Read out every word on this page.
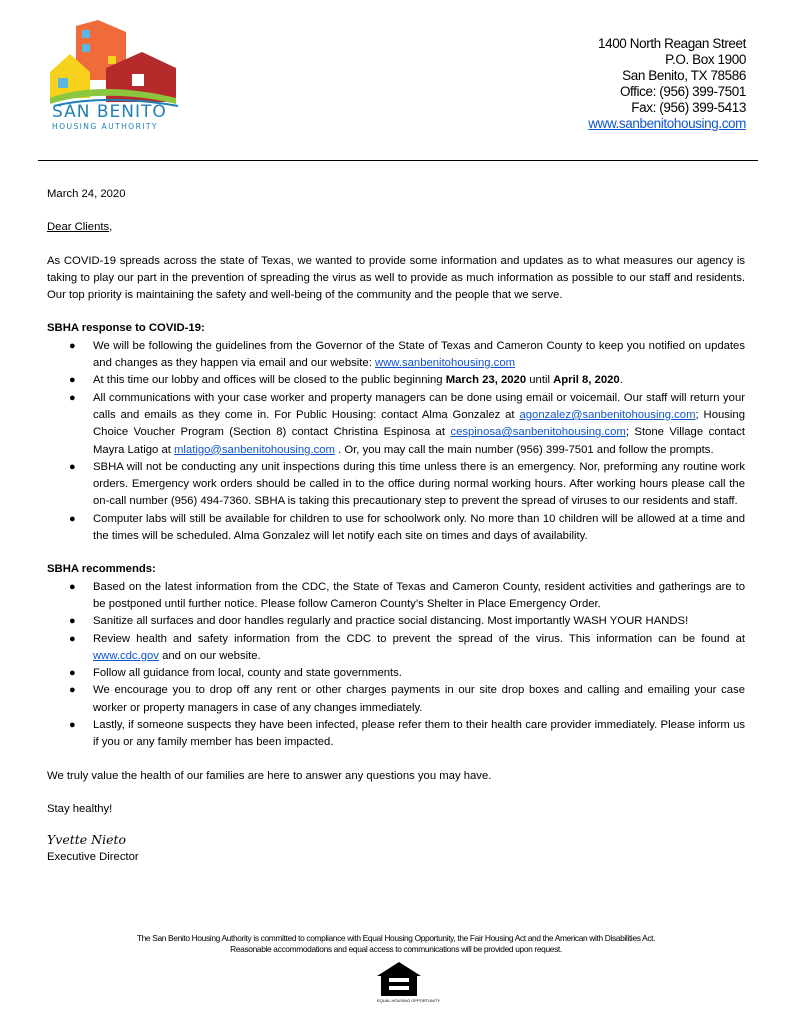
SAN BENITO
HOUSING AUTHORITY
1400 North Reagan Street
P.O. Box 1900
San Benito, TX 78586
Office: (956) 399-7501
Fax: (956) 399-5413
www.sanbenitohousing.com

March 24, 2020

Dear Clients,

As COVID-19 spreads across the state of Texas, we wanted to provide some information and updates as to what measures our agency is taking to play our part in the prevention of spreading the virus as well to provide as much information as possible to our staff and residents. Our top priority is maintaining the safety and well-being of the community and the people that we serve.

SBHA response to COVID-19:

● We will be following the guidelines from the Governor of the State of Texas and Cameron County to keep you notified on updates and changes as they happen via email and our website: www.sanbenitohousing.com
● At this time our lobby and offices will be closed to the public beginning March 23, 2020 until April 8, 2020.
● All communications with your case worker and property managers can be done using email or voicemail. Our staff will return your calls and emails as they come in. For Public Housing: contact Alma Gonzalez at agonzalez@sanbenitohousing.com; Housing Choice Voucher Program (Section 8) contact Christina Espinosa at cespinosa@sanbenitohousing.com; Stone Village contact Mayra Latigo at mlatigo@sanbenitohousing.com . Or, you may call the main number (956) 399-7501 and follow the prompts.
● SBHA will not be conducting any unit inspections during this time unless there is an emergency. Nor, preforming any routine work orders. Emergency work orders should be called in to the office during normal working hours. After working hours please call the on-call number (956) 494-7360. SBHA is taking this precautionary step to prevent the spread of viruses to our residents and staff.
● Computer labs will still be available for children to use for schoolwork only. No more than 10 children will be allowed at a time and the times will be scheduled. Alma Gonzalez will let notify each site on times and days of availability.

SBHA recommends:

● Based on the latest information from the CDC, the State of Texas and Cameron County, resident activities and gatherings are to be postponed until further notice. Please follow Cameron County’s Shelter in Place Emergency Order.
● Sanitize all surfaces and door handles regularly and practice social distancing. Most importantly WASH YOUR HANDS!
● Review health and safety information from the CDC to prevent the spread of the virus. This information can be found at www.cdc.gov and on our website.
● Follow all guidance from local, county and state governments.
● We encourage you to drop off any rent or other charges payments in our site drop boxes and calling and emailing your case worker or property managers in case of any changes immediately.
● Lastly, if someone suspects they have been infected, please refer them to their health care provider immediately. Please inform us if you or any family member has been impacted.

We truly value the health of our families are here to answer any questions you may have.

Stay healthy!

Yvette Nieto

Executive Director

The San Benito Housing Authority is committed to compliance with Equal Housing Opportunity, the Fair Housing Act and the American with Disabilities Act.
Reasonable accommodations and equal access to communications will be provided upon request.
EQUAL HOUSING OPPORTUNITY
